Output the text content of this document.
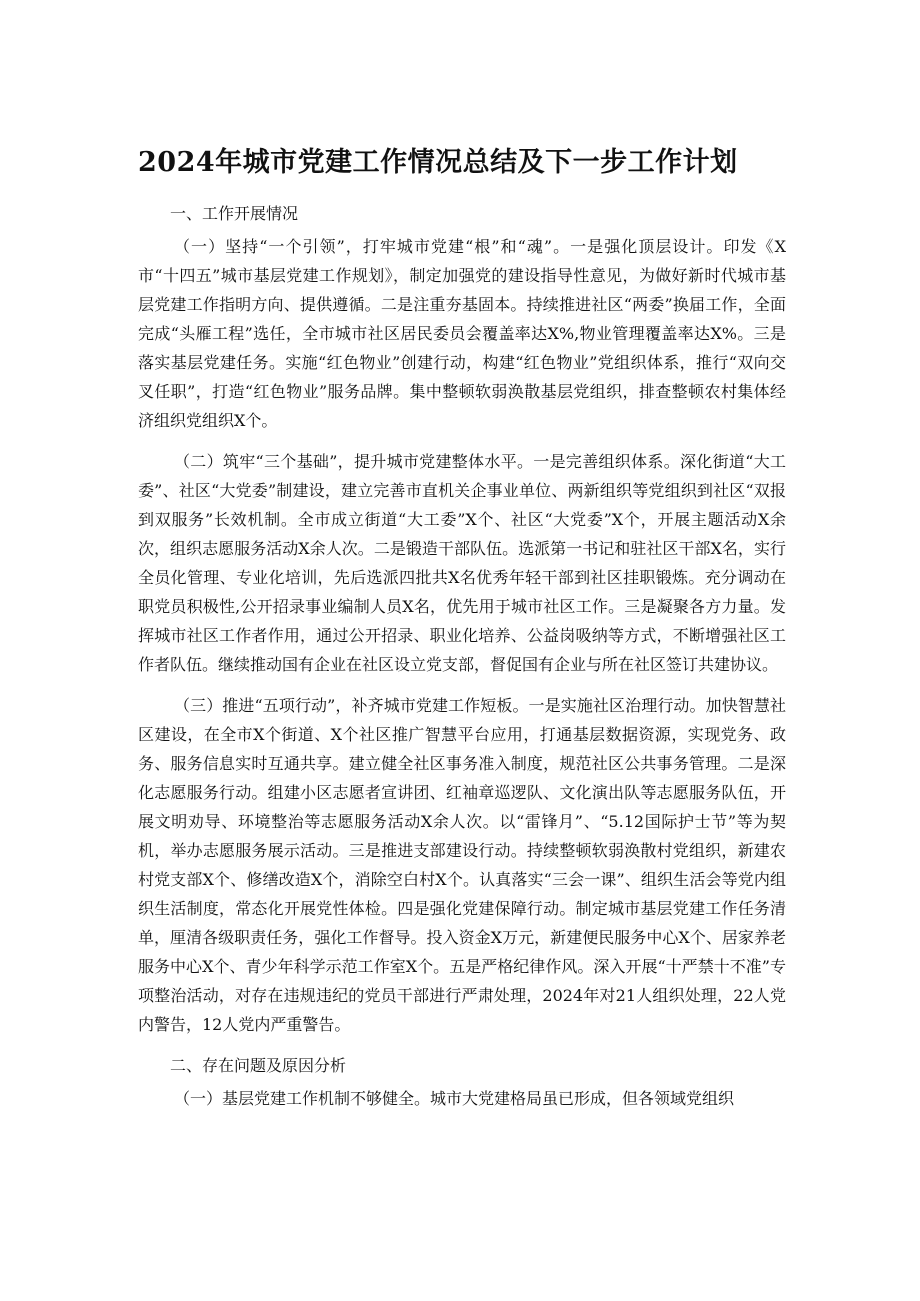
2024年城市党建工作情况总结及下一步工作计划

一、工作开展情况

（一）坚持“一个引领”，打牢城市党建“根”和“魂”。一是强化顶层设计。印发《X市“十四五”城市基层党建工作规划》，制定加强党的建设指导性意见，为做好新时代城市基层党建工作指明方向、提供遵循。二是注重夯基固本。持续推进社区“两委”换届工作，全面完成“头雁工程”选任，全市城市社区居民委员会覆盖率达X%,物业管理覆盖率达X%。三是落实基层党建任务。实施“红色物业”创建行动，构建“红色物业”党组织体系，推行“双向交叉任职”，打造“红色物业”服务品牌。集中整顿软弱涣散基层党组织，排查整顿农村集体经济组织党组织X个。

（二）筑牢“三个基础”，提升城市党建整体水平。一是完善组织体系。深化街道“大工委”、社区“大党委”制建设，建立完善市直机关企事业单位、两新组织等党组织到社区“双报到双服务”长效机制。全市成立街道“大工委”X个、社区“大党委”X个，开展主题活动X余次，组织志愿服务活动X余人次。二是锻造干部队伍。选派第一书记和驻社区干部X名，实行全员化管理、专业化培训，先后选派四批共X名优秀年轻干部到社区挂职锻炼。充分调动在职党员积极性,公开招录事业编制人员X名，优先用于城市社区工作。三是凝聚各方力量。发挥城市社区工作者作用，通过公开招录、职业化培养、公益岗吸纳等方式，不断增强社区工作者队伍。继续推动国有企业在社区设立党支部，督促国有企业与所在社区签订共建协议。

（三）推进“五项行动”，补齐城市党建工作短板。一是实施社区治理行动。加快智慧社区建设，在全市X个街道、X个社区推广智慧平台应用，打通基层数据资源，实现党务、政务、服务信息实时互通共享。建立健全社区事务准入制度，规范社区公共事务管理。二是深化志愿服务行动。组建小区志愿者宣讲团、红袖章巡逻队、文化演出队等志愿服务队伍，开展文明劝导、环境整治等志愿服务活动X余人次。以“雷锋月”、“5.12国际护士节”等为契机，举办志愿服务展示活动。三是推进支部建设行动。持续整顿软弱涣散村党组织，新建农村党支部X个、修缮改造X个，消除空白村X个。认真落实“三会一课”、组织生活会等党内组织生活制度，常态化开展党性体检。四是强化党建保障行动。制定城市基层党建工作任务清单，厘清各级职责任务，强化工作督导。投入资金X万元，新建便民服务中心X个、居家养老服务中心X个、青少年科学示范工作室X个。五是严格纪律作风。深入开展“十严禁十不准”专项整治活动，对存在违规违纪的党员干部进行严肃处理，2024年对21人组织处理，22人党内警告，12人党内严重警告。

二、存在问题及原因分析

（一）基层党建工作机制不够健全。城市大党建格局虽已形成，但各领域党组织
